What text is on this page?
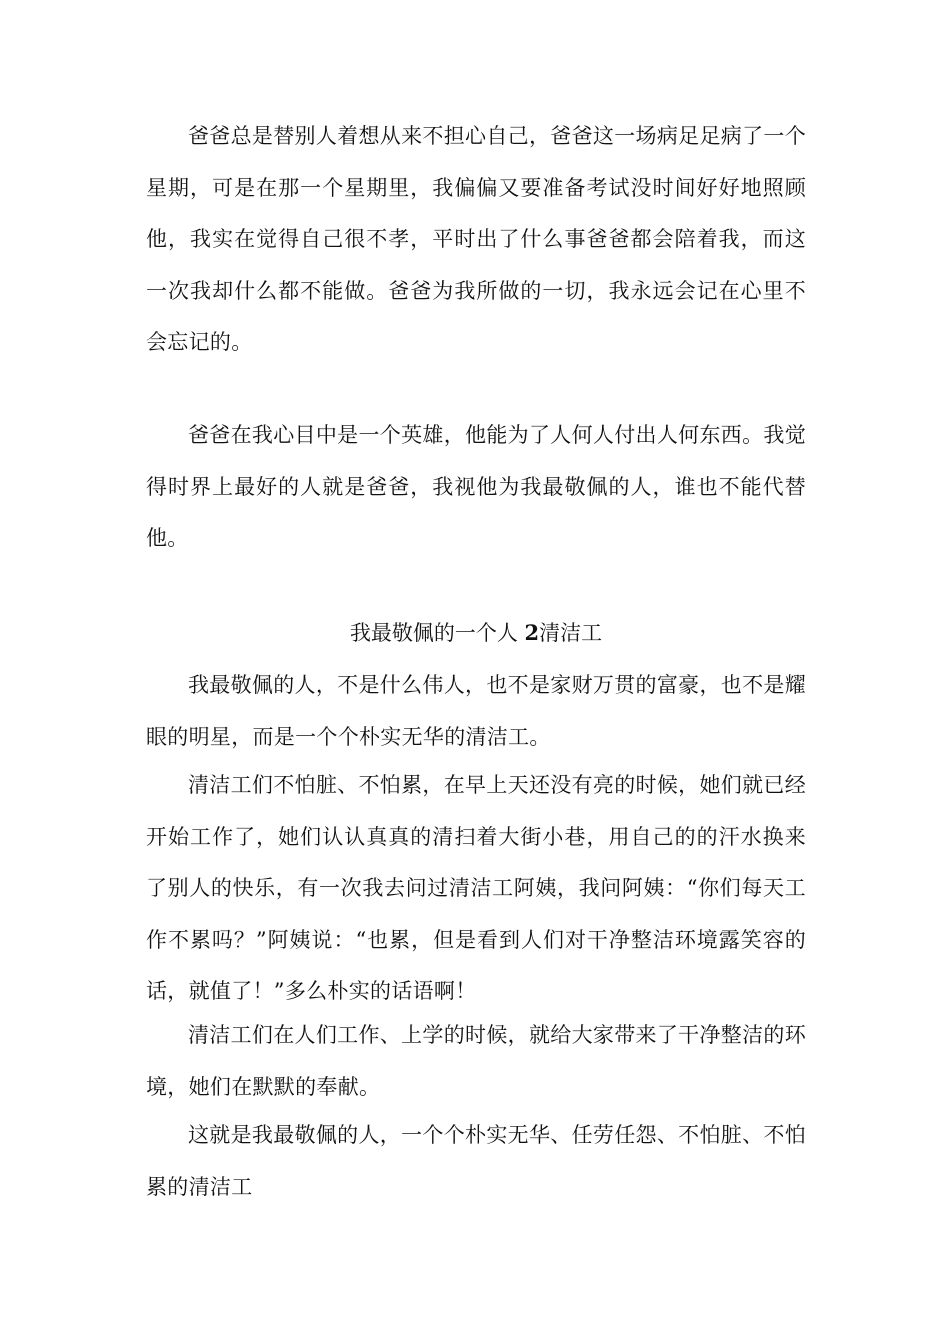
爸爸总是替别人着想从来不担心自己，爸爸这一场病足足病了一个星期，可是在那一个星期里，我偏偏又要准备考试没时间好好地照顾他，我实在觉得自己很不孝，平时出了什么事爸爸都会陪着我，而这一次我却什么都不能做。爸爸为我所做的一切，我永远会记在心里不会忘记的。

爸爸在我心目中是一个英雄，他能为了人何人付出人何东西。我觉得时界上最好的人就是爸爸，我视他为我最敬佩的人，谁也不能代替他。

我最敬佩的一个人 2清洁工

我最敬佩的人，不是什么伟人，也不是家财万贯的富豪，也不是耀眼的明星，而是一个个朴实无华的清洁工。

清洁工们不怕脏、不怕累，在早上天还没有亮的时候，她们就已经开始工作了，她们认认真真的清扫着大街小巷，用自己的的汗水换来了别人的快乐，有一次我去问过清洁工阿姨，我问阿姨：“你们每天工作不累吗？”阿姨说：“也累，但是看到人们对干净整洁环境露笑容的话，就值了！”多么朴实的话语啊！

清洁工们在人们工作、上学的时候，就给大家带来了干净整洁的环境，她们在默默的奉献。

这就是我最敬佩的人，一个个朴实无华、任劳任怨、不怕脏、不怕累的清洁工
